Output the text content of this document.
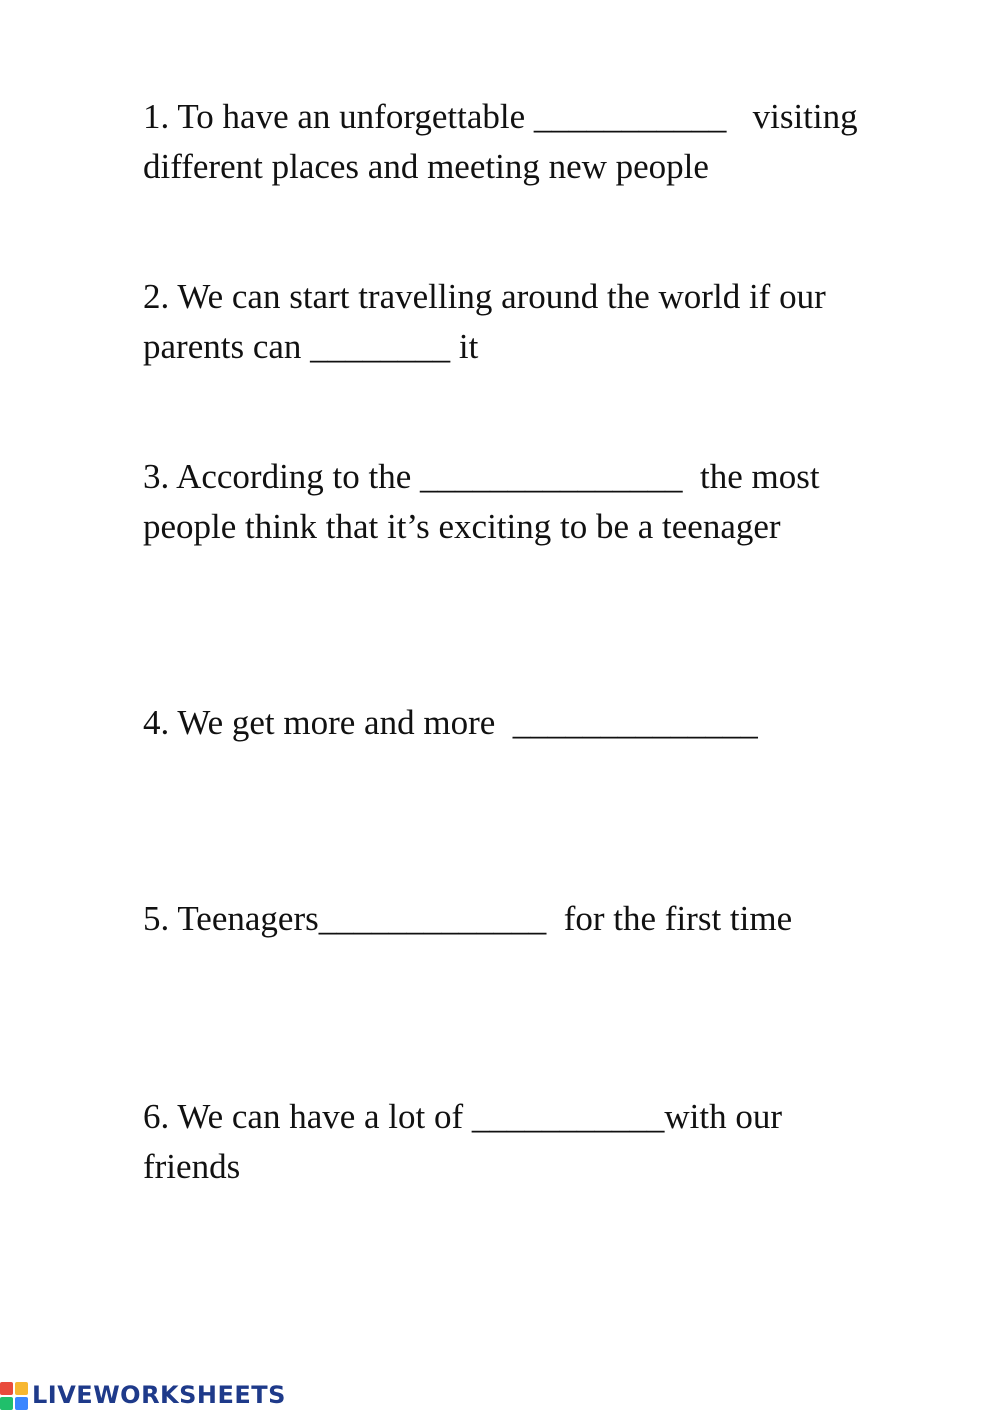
1. To have an unforgettable ___________   visiting
different places and meeting new people
2. We can start travelling around the world if our
parents can ________ it
3. According to the _______________  the most
people think that it’s exciting to be a teenager
4. We get more and more  ______________
5. Teenagers_____________  for the first time
6. We can have a lot of ___________with our
friends
LIVEWORKSHEETS
